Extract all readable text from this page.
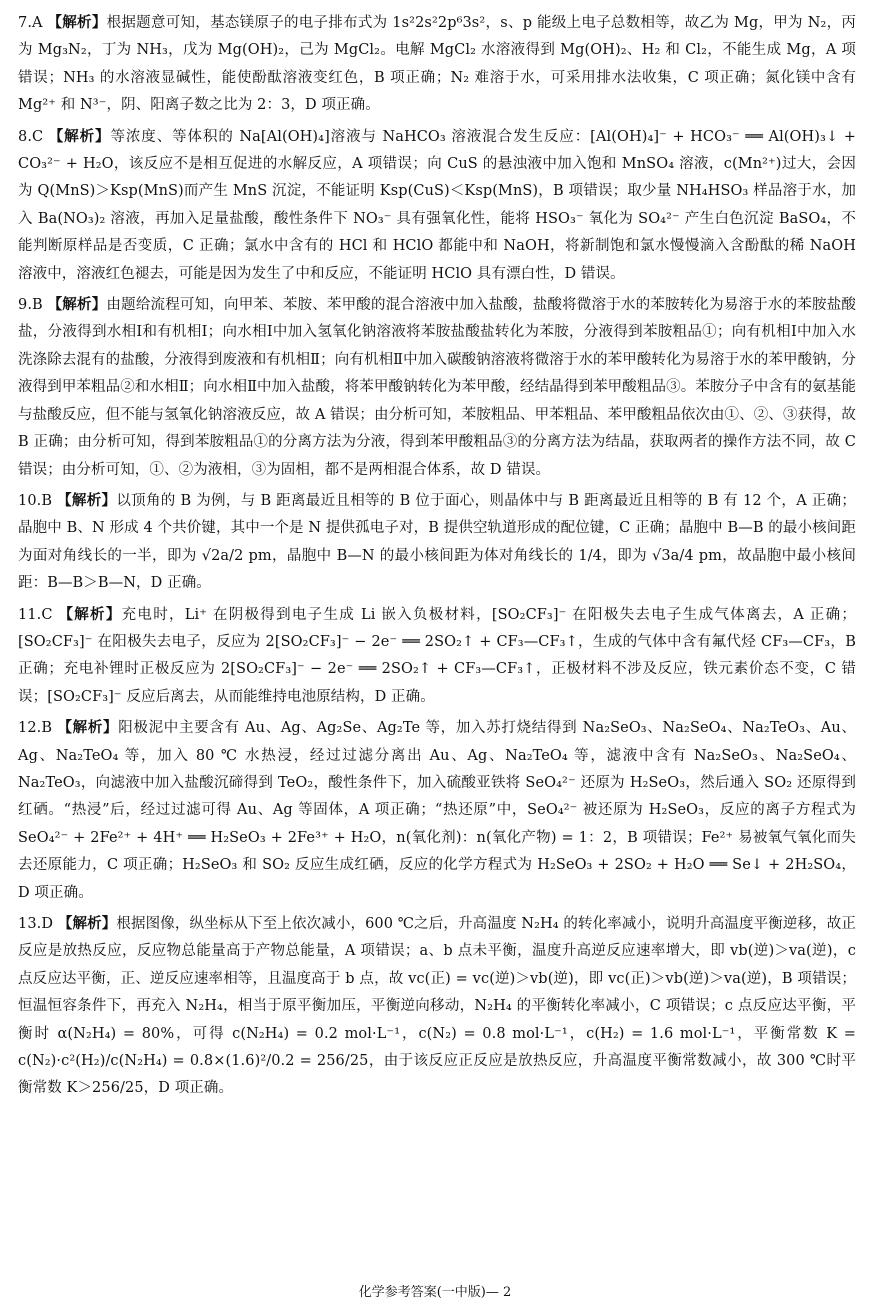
7.A 【解析】根据题意可知，基态镁原子的电子排布式为 1s²2s²2p⁶3s²，s、p 能级上电子总数相等，故乙为 Mg，甲为 N₂，丙为 Mg₃N₂，丁为 NH₃，戊为 Mg(OH)₂，己为 MgCl₂。电解 MgCl₂ 水溶液得到 Mg(OH)₂、H₂ 和 Cl₂，不能生成 Mg，A 项错误；NH₃ 的水溶液显碱性，能使酚酞溶液变红色，B 项正确；N₂ 难溶于水，可采用排水法收集，C 项正确；氮化镁中含有 Mg²⁺ 和 N³⁻，阴、阳离子数之比为 2：3，D 项正确。
8.C 【解析】等浓度、等体积的 Na[Al(OH)₄]溶液与 NaHCO₃ 溶液混合发生反应：[Al(OH)₄]⁻ + HCO₃⁻ ══ Al(OH)₃↓ + CO₃²⁻ + H₂O，该反应不是相互促进的水解反应，A 项错误；向 CuS 的悬浊液中加入饱和 MnSO₄ 溶液，c(Mn²⁺)过大，会因为 Q(MnS)＞Ksp(MnS)而产生 MnS 沉淀，不能证明 Ksp(CuS)＜Ksp(MnS)，B 项错误；取少量 NH₄HSO₃ 样品溶于水，加入 Ba(NO₃)₂ 溶液，再加入足量盐酸，酸性条件下 NO₃⁻ 具有强氧化性，能将 HSO₃⁻ 氧化为 SO₄²⁻ 产生白色沉淀 BaSO₄，不能判断原样品是否变质，C 正确；氯水中含有的 HCl 和 HClO 都能中和 NaOH，将新制饱和氯水慢慢滴入含酚酞的稀 NaOH 溶液中，溶液红色褪去，可能是因为发生了中和反应，不能证明 HClO 具有漂白性，D 错误。
9.B 【解析】由题给流程可知，向甲苯、苯胺、苯甲酸的混合溶液中加入盐酸，盐酸将微溶于水的苯胺转化为易溶于水的苯胺盐酸盐，分液得到水相Ⅰ和有机相Ⅰ；向水相Ⅰ中加入氢氧化钠溶液将苯胺盐酸盐转化为苯胺，分液得到苯胺粗品①；向有机相Ⅰ中加入水洗涤除去混有的盐酸，分液得到废液和有机相Ⅱ；向有机相Ⅱ中加入碳酸钠溶液将微溶于水的苯甲酸转化为易溶于水的苯甲酸钠，分液得到甲苯粗品②和水相Ⅱ；向水相Ⅱ中加入盐酸，将苯甲酸钠转化为苯甲酸，经结晶得到苯甲酸粗品③。苯胺分子中含有的氨基能与盐酸反应，但不能与氢氧化钠溶液反应，故 A 错误；由分析可知，苯胺粗品、甲苯粗品、苯甲酸粗品依次由①、②、③获得，故 B 正确；由分析可知，得到苯胺粗品①的分离方法为分液，得到苯甲酸粗品③的分离方法为结晶，获取两者的操作方法不同，故 C 错误；由分析可知，①、②为液相，③为固相，都不是两相混合体系，故 D 错误。
10.B 【解析】以顶角的 B 为例，与 B 距离最近且相等的 B 位于面心，则晶体中与 B 距离最近且相等的 B 有 12 个，A 正确；晶胞中 B、N 形成 4 个共价键，其中一个是 N 提供孤电子对，B 提供空轨道形成的配位键，C 正确；晶胞中 B—B 的最小核间距为面对角线长的一半，即为 √2a/2 pm，晶胞中 B—N 的最小核间距为体对角线长的 1/4，即为 √3a/4 pm，故晶胞中最小核间距：B—B＞B—N，D 正确。
11.C 【解析】充电时，Li⁺ 在阴极得到电子生成 Li 嵌入负极材料，[SO₂CF₃]⁻ 在阳极失去电子生成气体离去，A 正确；[SO₂CF₃]⁻ 在阳极失去电子，反应为 2[SO₂CF₃]⁻ − 2e⁻ ══ 2SO₂↑ + CF₃—CF₃↑，生成的气体中含有氟代烃 CF₃—CF₃，B 正确；充电补锂时正极反应为 2[SO₂CF₃]⁻ − 2e⁻ ══ 2SO₂↑ + CF₃—CF₃↑，正极材料不涉及反应，铁元素价态不变，C 错误；[SO₂CF₃]⁻ 反应后离去，从而能维持电池原结构，D 正确。
12.B 【解析】阳极泥中主要含有 Au、Ag、Ag₂Se、Ag₂Te 等，加入苏打烧结得到 Na₂SeO₃、Na₂SeO₄、Na₂TeO₃、Au、Ag、Na₂TeO₄ 等，加入 80 ℃ 水热浸，经过过滤分离出 Au、Ag、Na₂TeO₄ 等，滤液中含有 Na₂SeO₃、Na₂SeO₄、Na₂TeO₃，向滤液中加入盐酸沉碲得到 TeO₂，酸性条件下，加入硫酸亚铁将 SeO₄²⁻ 还原为 H₂SeO₃，然后通入 SO₂ 还原得到红硒。“热浸”后，经过过滤可得 Au、Ag 等固体，A 项正确；“热还原”中，SeO₄²⁻ 被还原为 H₂SeO₃，反应的离子方程式为 SeO₄²⁻ + 2Fe²⁺ + 4H⁺ ══ H₂SeO₃ + 2Fe³⁺ + H₂O，n(氧化剂)：n(氧化产物) = 1：2，B 项错误；Fe²⁺ 易被氧气氧化而失去还原能力，C 项正确；H₂SeO₃ 和 SO₂ 反应生成红硒，反应的化学方程式为 H₂SeO₃ + 2SO₂ + H₂O ══ Se↓ + 2H₂SO₄，D 项正确。
13.D 【解析】根据图像，纵坐标从下至上依次减小，600 ℃之后，升高温度 N₂H₄ 的转化率减小，说明升高温度平衡逆移，故正反应是放热反应，反应物总能量高于产物总能量，A 项错误；a、b 点未平衡，温度升高逆反应速率增大，即 vb(逆)＞va(逆)，c 点反应达平衡，正、逆反应速率相等，且温度高于 b 点，故 vc(正) = vc(逆)＞vb(逆)，即 vc(正)＞vb(逆)＞va(逆)，B 项错误；恒温恒容条件下，再充入 N₂H₄，相当于原平衡加压，平衡逆向移动，N₂H₄ 的平衡转化率减小，C 项错误；c 点反应达平衡，平衡时 α(N₂H₄) = 80%，可得 c(N₂H₄) = 0.2 mol·L⁻¹，c(N₂) = 0.8 mol·L⁻¹，c(H₂) = 1.6 mol·L⁻¹，平衡常数 K = c(N₂)·c²(H₂)/c(N₂H₄) = 0.8×(1.6)²/0.2 = 256/25，由于该反应正反应是放热反应，升高温度平衡常数减小，故 300 ℃时平衡常数 K＞256/25，D 项正确。
化学参考答案(一中版)— 2
